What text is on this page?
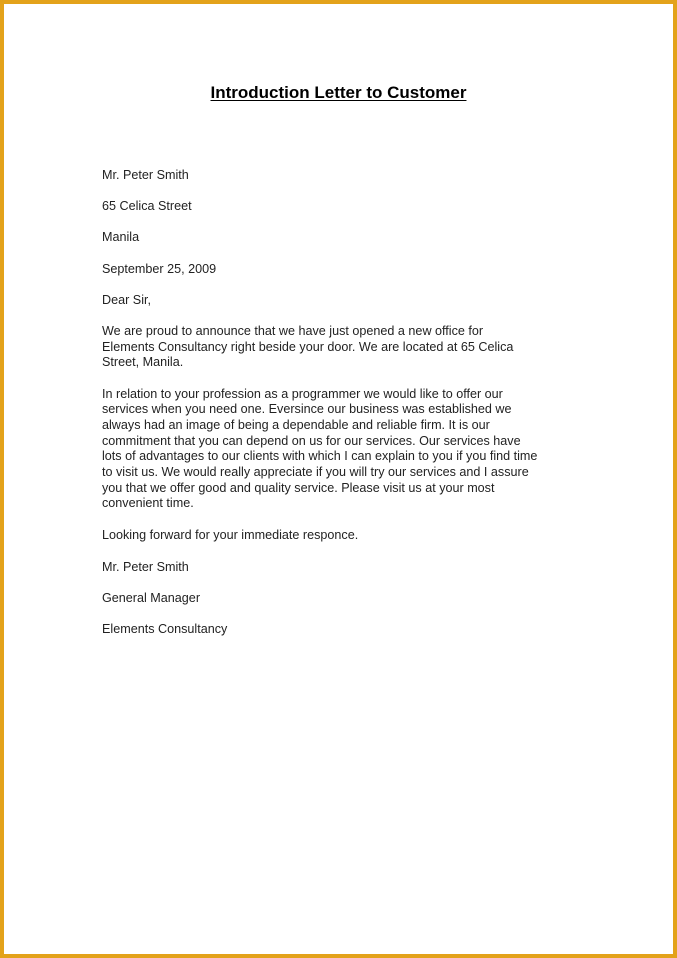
Introduction Letter to Customer

Mr. Peter Smith

65 Celica Street

Manila

September 25, 2009

Dear Sir,

We are proud to announce that we have just opened a new office for

Elements Consultancy right beside your door. We are located at 65 Celica

Street, Manila.

In relation to your profession as a programmer we would like to offer our

services when you need one. Eversince our business was established we

always had an image of being a dependable and reliable firm. It is our

commitment that you can depend on us for our services. Our services have

lots of advantages to our clients with which I can explain to you if you find time

to visit us. We would really appreciate if you will try our services and I assure

you that we offer good and quality service. Please visit us at your most

convenient time.

Looking forward for your immediate responce.

Mr. Peter Smith

General Manager

Elements Consultancy
